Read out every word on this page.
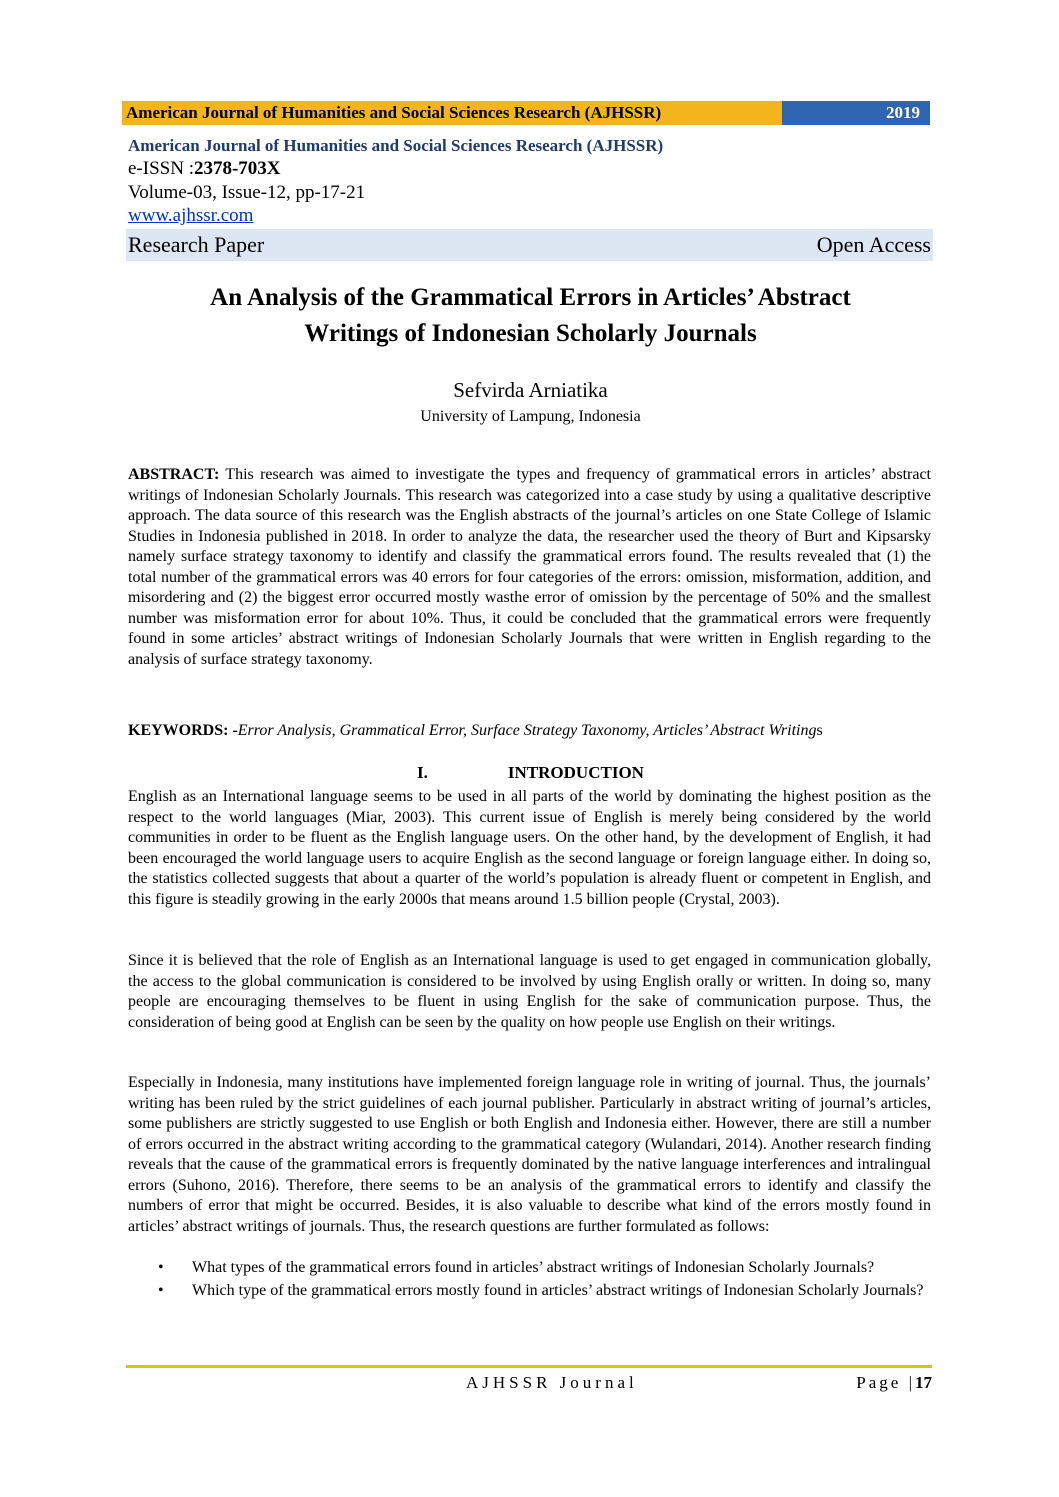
American Journal of Humanities and Social Sciences Research (AJHSSR)	2019
American Journal of Humanities and Social Sciences Research (AJHSSR)
e-ISSN :2378-703X
Volume-03, Issue-12, pp-17-21
www.ajhssr.com
Research Paper	Open Access
An Analysis of the Grammatical Errors in Articles’ Abstract
Writings of Indonesian Scholarly Journals
Sefvirda Arniatika
University of Lampung, Indonesia

ABSTRACT: This research was aimed to investigate the types and frequency of grammatical errors in articles’ abstract writings of Indonesian Scholarly Journals. This research was categorized into a case study by using a qualitative descriptive approach. The data source of this research was the English abstracts of the journal’s articles on one State College of Islamic Studies in Indonesia published in 2018. In order to analyze the data, the researcher used the theory of Burt and Kipsarsky namely surface strategy taxonomy to identify and classify the grammatical errors found. The results revealed that (1) the total number of the grammatical errors was 40 errors for four categories of the errors: omission, misformation, addition, and misordering and (2) the biggest error occurred mostly wasthe error of omission by the percentage of 50% and the smallest number was misformation error for about 10%. Thus, it could be concluded that the grammatical errors were frequently found in some articles’ abstract writings of Indonesian Scholarly Journals that were written in English regarding to the analysis of surface strategy taxonomy.

KEYWORDS: -Error Analysis, Grammatical Error, Surface Strategy Taxonomy, Articles’ Abstract Writings

I.	INTRODUCTION

English as an International language seems to be used in all parts of the world by dominating the highest position as the respect to the world languages (Miar, 2003). This current issue of English is merely being considered by the world communities in order to be fluent as the English language users. On the other hand, by the development of English, it had been encouraged the world language users to acquire English as the second language or foreign language either. In doing so, the statistics collected suggests that about a quarter of the world’s population is already fluent or competent in English, and this figure is steadily growing in the early 2000s that means around 1.5 billion people (Crystal, 2003).

Since it is believed that the role of English as an International language is used to get engaged in communication globally, the access to the global communication is considered to be involved by using English orally or written. In doing so, many people are encouraging themselves to be fluent in using English for the sake of communication purpose. Thus, the consideration of being good at English can be seen by the quality on how people use English on their writings.

Especially in Indonesia, many institutions have implemented foreign language role in writing of journal. Thus, the journals’ writing has been ruled by the strict guidelines of each journal publisher. Particularly in abstract writing of journal’s articles, some publishers are strictly suggested to use English or both English and Indonesia either. However, there are still a number of errors occurred in the abstract writing according to the grammatical category (Wulandari, 2014). Another research finding reveals that the cause of the grammatical errors is frequently dominated by the native language interferences and intralingual errors (Suhono, 2016). Therefore, there seems to be an analysis of the grammatical errors to identify and classify the numbers of error that might be occurred. Besides, it is also valuable to describe what kind of the errors mostly found in articles’ abstract writings of journals. Thus, the research questions are further formulated as follows:

• What types of the grammatical errors found in articles’ abstract writings of Indonesian Scholarly Journals?
• Which type of the grammatical errors mostly found in articles’ abstract writings of Indonesian Scholarly Journals?
AJHSSR Journal	Page |17
